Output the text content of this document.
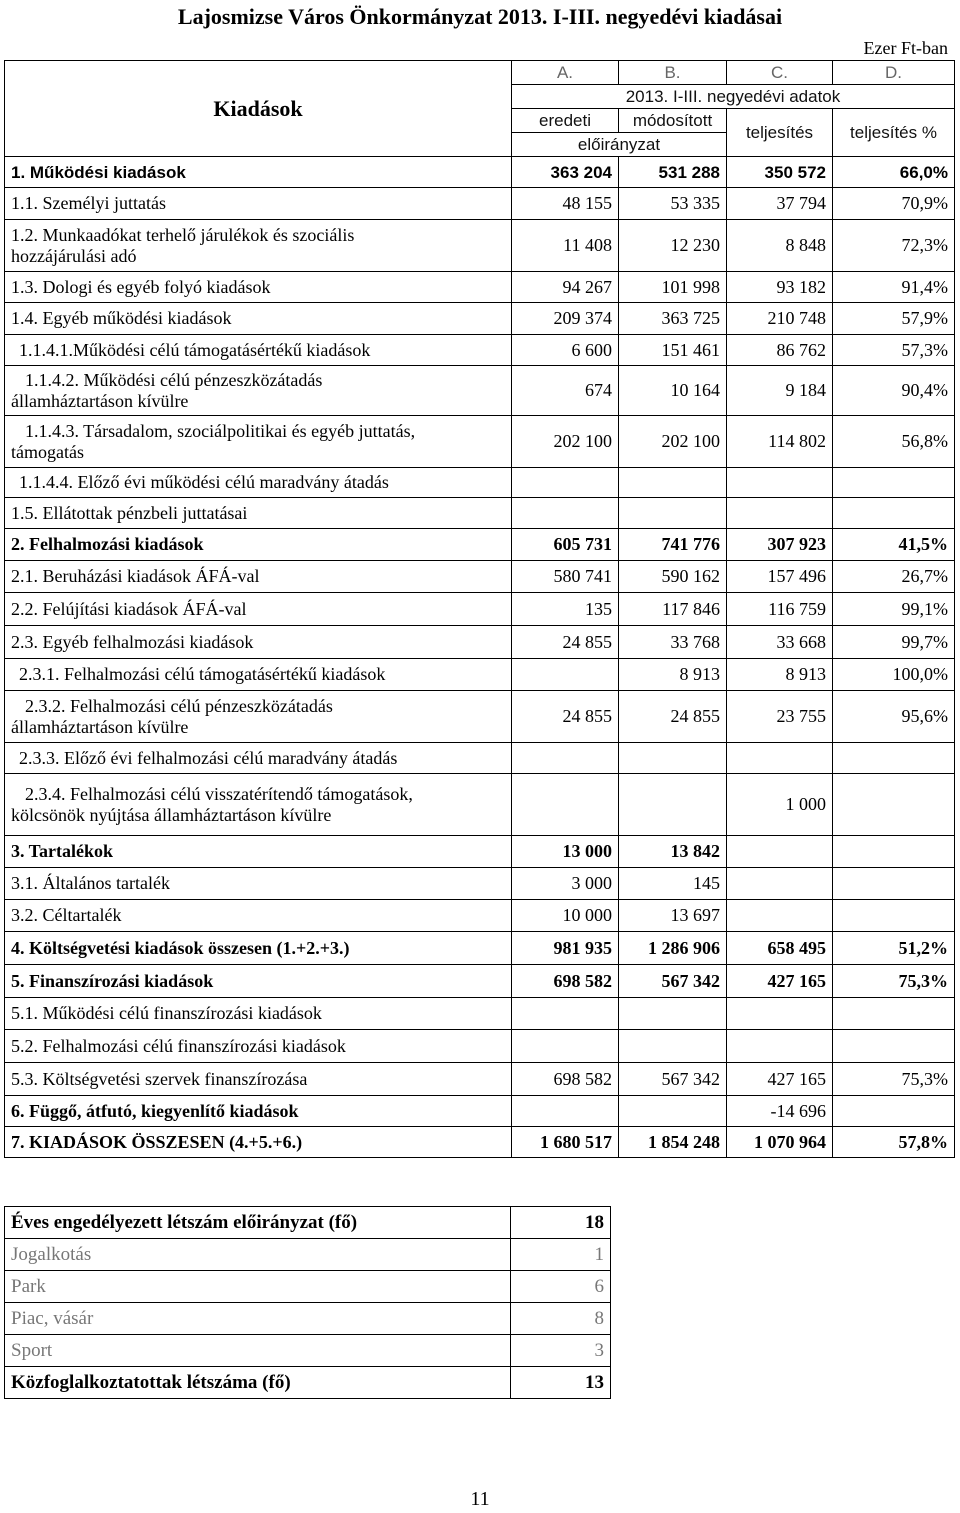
Lajosmizse Város Önkormányzat 2013. I-III. negyedévi kiadásai
Ezer Ft-ban
Kiadások	A.	B.	C.	D.
	2013. I-III. negyedévi adatok			
	eredeti	módosított	teljesítés	teljesítés %
	előirányzat			
1. Működési kiadások	363 204	531 288	350 572	66,0%
1.1. Személyi juttatás	48 155	53 335	37 794	70,9%
1.2. Munkaadókat terhelő járulékok és szociális
hozzájárulási adó	11 408	12 230	8 848	72,3%
1.3. Dologi és egyéb folyó kiadások	94 267	101 998	93 182	91,4%
1.4. Egyéb működési kiadások	209 374	363 725	210 748	57,9%
1.1.4.1.Működési célú támogatásértékű kiadások	6 600	151 461	86 762	57,3%
1.1.4.2. Működési célú pénzeszközátadás
államháztartáson kívülre	674	10 164	9 184	90,4%
1.1.4.3. Társadalom, szociálpolitikai és egyéb juttatás,
támogatás	202 100	202 100	114 802	56,8%
1.1.4.4. Előző évi működési célú maradvány átadás				
1.5. Ellátottak pénzbeli juttatásai				
2. Felhalmozási kiadások	605 731	741 776	307 923	41,5%
2.1. Beruházási kiadások ÁFÁ-val	580 741	590 162	157 496	26,7%
2.2. Felújítási kiadások ÁFÁ-val	135	117 846	116 759	99,1%
2.3. Egyéb felhalmozási kiadások	24 855	33 768	33 668	99,7%
2.3.1. Felhalmozási célú támogatásértékű kiadások		8 913	8 913	100,0%
2.3.2. Felhalmozási célú pénzeszközátadás
államháztartáson kívülre	24 855	24 855	23 755	95,6%
2.3.3. Előző évi felhalmozási célú maradvány átadás				
2.3.4. Felhalmozási célú visszatérítendő támogatások,
kölcsönök nyújtása államháztartáson kívülre			1 000	
3. Tartalékok	13 000	13 842		
3.1. Általános tartalék	3 000	145		
3.2. Céltartalék	10 000	13 697		
4. Költségvetési kiadások összesen (1.+2.+3.)	981 935	1 286 906	658 495	51,2%
5. Finanszírozási kiadások	698 582	567 342	427 165	75,3%
5.1. Működési célú finanszírozási kiadások				
5.2. Felhalmozási célú finanszírozási kiadások				
5.3. Költségvetési szervek finanszírozása	698 582	567 342	427 165	75,3%
6. Függő, átfutó, kiegyenlítő kiadások			-14 696	
7. KIADÁSOK ÖSSZESEN (4.+5.+6.)	1 680 517	1 854 248	1 070 964	57,8%
Éves engedélyezett létszám előirányzat (fő)	18
Jogalkotás	1
Park	6
Piac, vásár	8
Sport	3
Közfoglalkoztatottak létszáma (fő)	13
11
